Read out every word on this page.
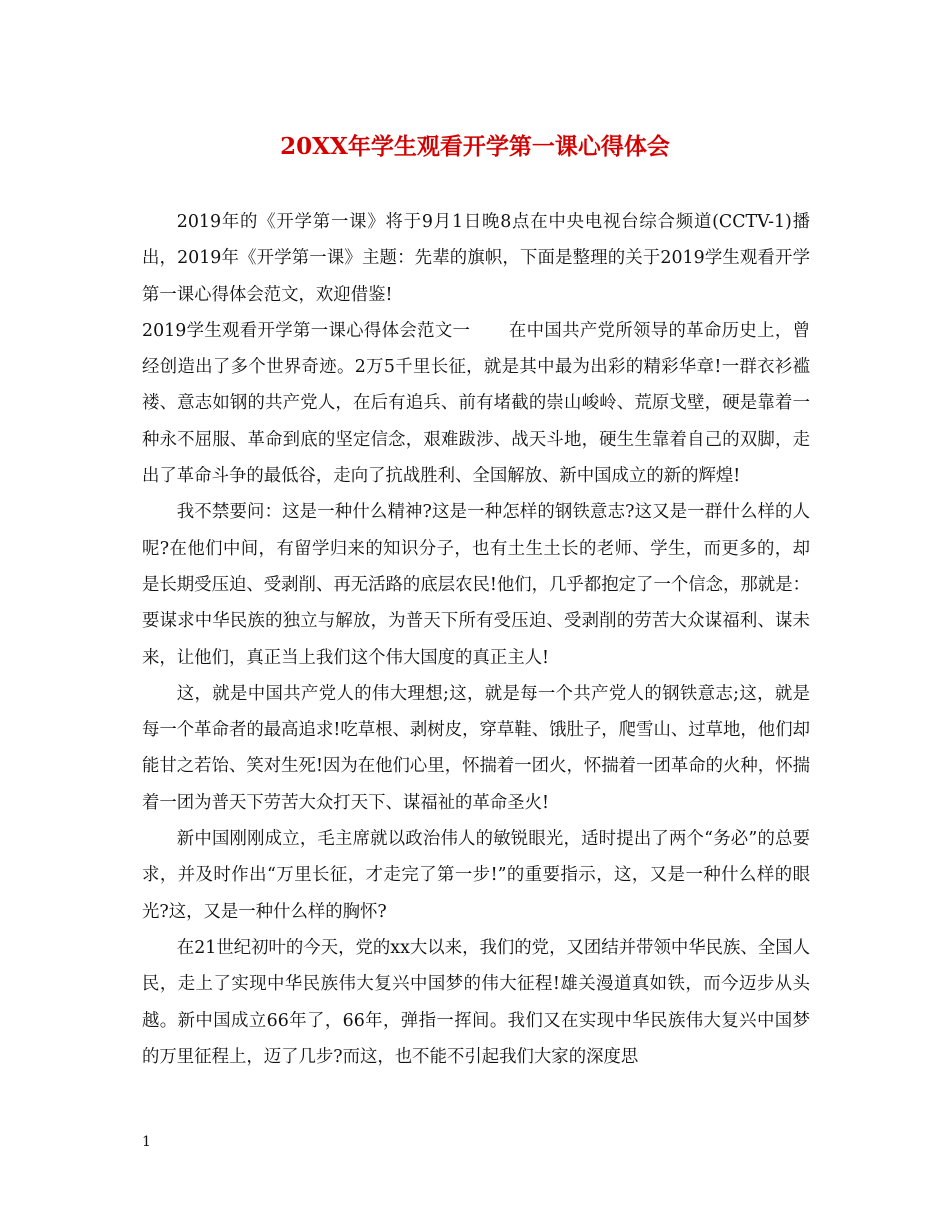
20XX年学生观看开学第一课心得体会

2019年的《开学第一课》将于9月1日晚8点在中央电视台综合频道(CCTV-1)播出，2019年《开学第一课》主题：先辈的旗帜，下面是整理的关于2019学生观看开学第一课心得体会范文，欢迎借鉴!

2019学生观看开学第一课心得体会范文一 在中国共产党所领导的革命历史上，曾经创造出了多个世界奇迹。2万5千里长征，就是其中最为出彩的精彩华章!一群衣衫褴褛、意志如钢的共产党人，在后有追兵、前有堵截的崇山峻岭、荒原戈壁，硬是靠着一种永不屈服、革命到底的坚定信念，艰难跋涉、战天斗地，硬生生靠着自己的双脚，走出了革命斗争的最低谷，走向了抗战胜利、全国解放、新中国成立的新的辉煌!

我不禁要问：这是一种什么精神?这是一种怎样的钢铁意志?这又是一群什么样的人呢?在他们中间，有留学归来的知识分子，也有土生土长的老师、学生，而更多的，却是长期受压迫、受剥削、再无活路的底层农民!他们，几乎都抱定了一个信念，那就是：要谋求中华民族的独立与解放，为普天下所有受压迫、受剥削的劳苦大众谋福利、谋未来，让他们，真正当上我们这个伟大国度的真正主人!

这，就是中国共产党人的伟大理想;这，就是每一个共产党人的钢铁意志;这，就是每一个革命者的最高追求!吃草根、剥树皮，穿草鞋、饿肚子，爬雪山、过草地，他们却能甘之若饴、笑对生死!因为在他们心里，怀揣着一团火，怀揣着一团革命的火种，怀揣着一团为普天下劳苦大众打天下、谋福祉的革命圣火!

新中国刚刚成立，毛主席就以政治伟人的敏锐眼光，适时提出了两个“务必”的总要求，并及时作出“万里长征，才走完了第一步!”的重要指示，这，又是一种什么样的眼光?这，又是一种什么样的胸怀?

在21世纪初叶的今天，党的xx大以来，我们的党，又团结并带领中华民族、全国人民，走上了实现中华民族伟大复兴中国梦的伟大征程!雄关漫道真如铁，而今迈步从头越。新中国成立66年了，66年，弹指一挥间。我们又在实现中华民族伟大复兴中国梦的万里征程上，迈了几步?而这，也不能不引起我们大家的深度思

1
